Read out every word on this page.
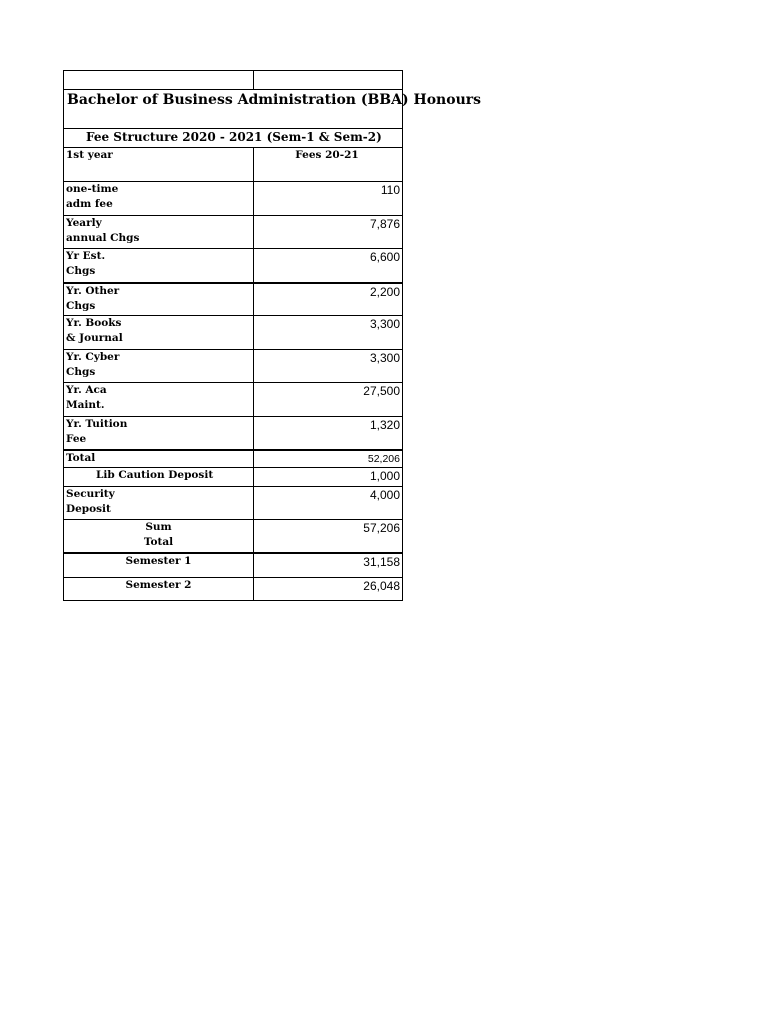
Bachelor of Business Administration (BBA) Honours	
Fee Structure 2020 - 2021 (Sem-1 & Sem-2)	
1st year	Fees 20-21
one-time
adm fee	110
Yearly
annual Chgs	7,876
Yr Est.
Chgs	6,600
Yr. Other
Chgs	2,200
Yr. Books
& Journal	3,300
Yr. Cyber
Chgs	3,300
Yr. Aca
Maint.	27,500
Yr. Tuition
Fee	1,320
Total	52,206
Lib Caution Deposit	1,000
Security
Deposit	4,000
Sum
Total	57,206
Semester 1	31,158
Semester 2	26,048
